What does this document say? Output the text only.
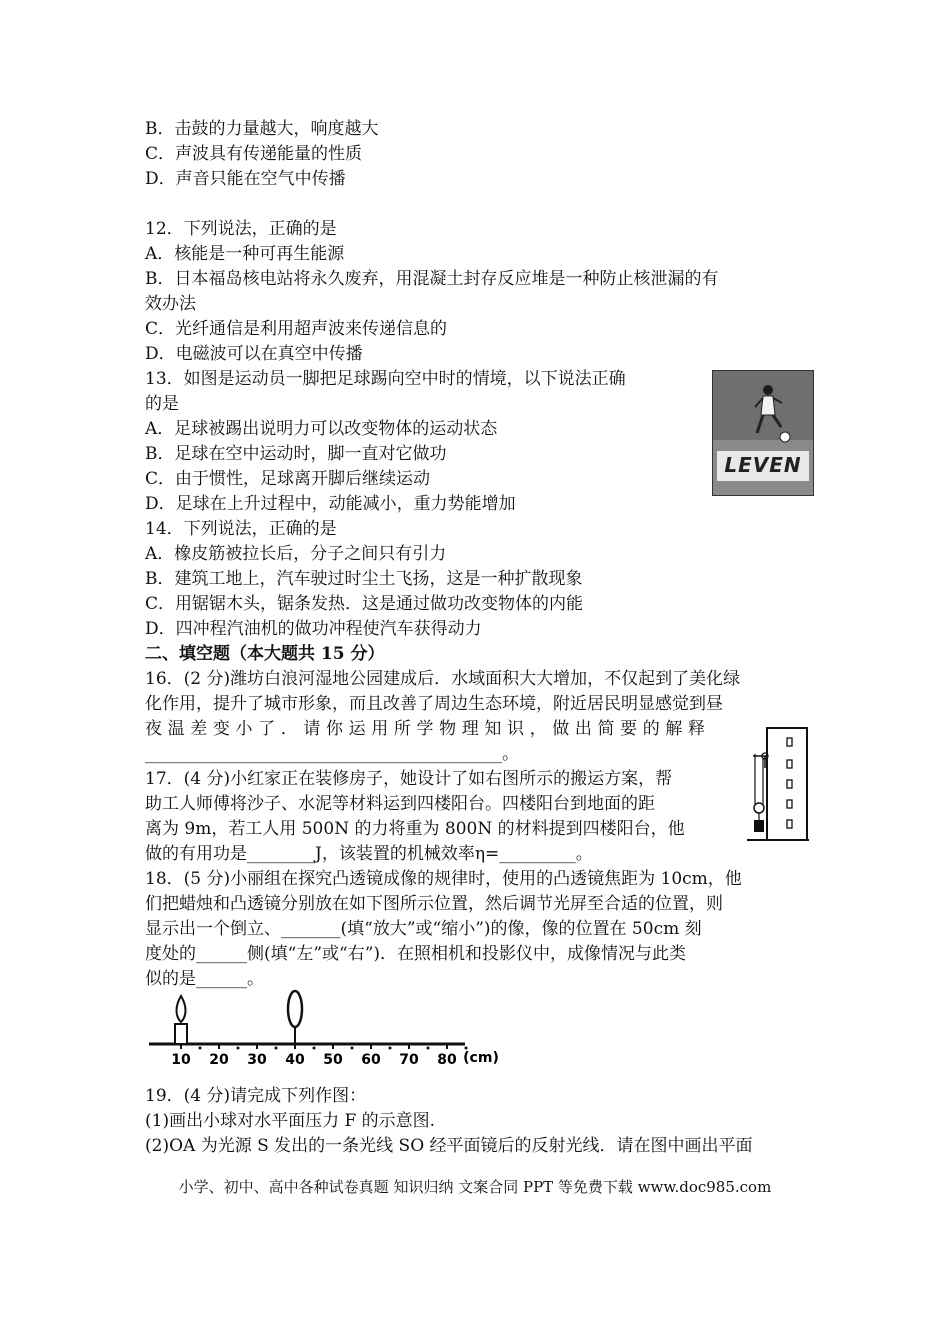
B．击鼓的力量越大，响度越大
C．声波具有传递能量的性质
D．声音只能在空气中传播
12．下列说法，正确的是
A．核能是一种可再生能源
B．日本福岛核电站将永久废弃，用混凝土封存反应堆是一种防止核泄漏的有
效办法
C．光纤通信是利用超声波来传递信息的
D．电磁波可以在真空中传播
13．如图是运动员一脚把足球踢向空中时的情境，以下说法正确
的是
A．足球被踢出说明力可以改变物体的运动状态
B．足球在空中运动时，脚一直对它做功
C．由于惯性，足球离开脚后继续运动
D．足球在上升过程中，动能减小，重力势能增加
14．下列说法，正确的是
A．橡皮筋被拉长后，分子之间只有引力
B．建筑工地上，汽车驶过时尘土飞扬，这是一种扩散现象
C．用锯锯木头，锯条发热．这是通过做功改变物体的内能
D．四冲程汽油机的做功冲程使汽车获得动力
二、填空题（本大题共 15 分）
16．(2 分)潍坊白浪河湿地公园建成后．水域面积大大增加，不仅起到了美化绿
化作用，提升了城市形象，而且改善了周边生态环境，附近居民明显感觉到昼
夜 温 差 变 小 了 ． 请 你 运 用 所 学 物 理 知 识 ， 做 出 简 要 的 解 释
__________________________________________。
17．(4 分)小红家正在装修房子，她设计了如右图所示的搬运方案，帮
助工人师傅将沙子、水泥等材料运到四楼阳台。四楼阳台到地面的距
离为 9m，若工人用 500N 的力将重为 800N 的材料提到四楼阳台，他
做的有用功是________J，该装置的机械效率η=_________。
18．(5 分)小丽组在探究凸透镜成像的规律时，使用的凸透镜焦距为 10cm，他
们把蜡烛和凸透镜分别放在如下图所示位置，然后调节光屏至合适的位置，则
显示出一个倒立、_______(填“放大”或“缩小”)的像，像的位置在 50cm 刻
度处的______侧(填“左”或“右”)．在照相机和投影仪中，成像情况与此类
似的是______。
19．(4 分)请完成下列作图：
(1)画出小球对水平面压力 F 的示意图.
(2)OA 为光源 S 发出的一条光线 SO 经平面镜后的反射光线．请在图中画出平面
LEVEN
10 20 30 40 50 60 70 80 (cm)
小学、初中、高中各种试卷真题 知识归纳 文案合同 PPT 等免费下载 www.doc985.com
